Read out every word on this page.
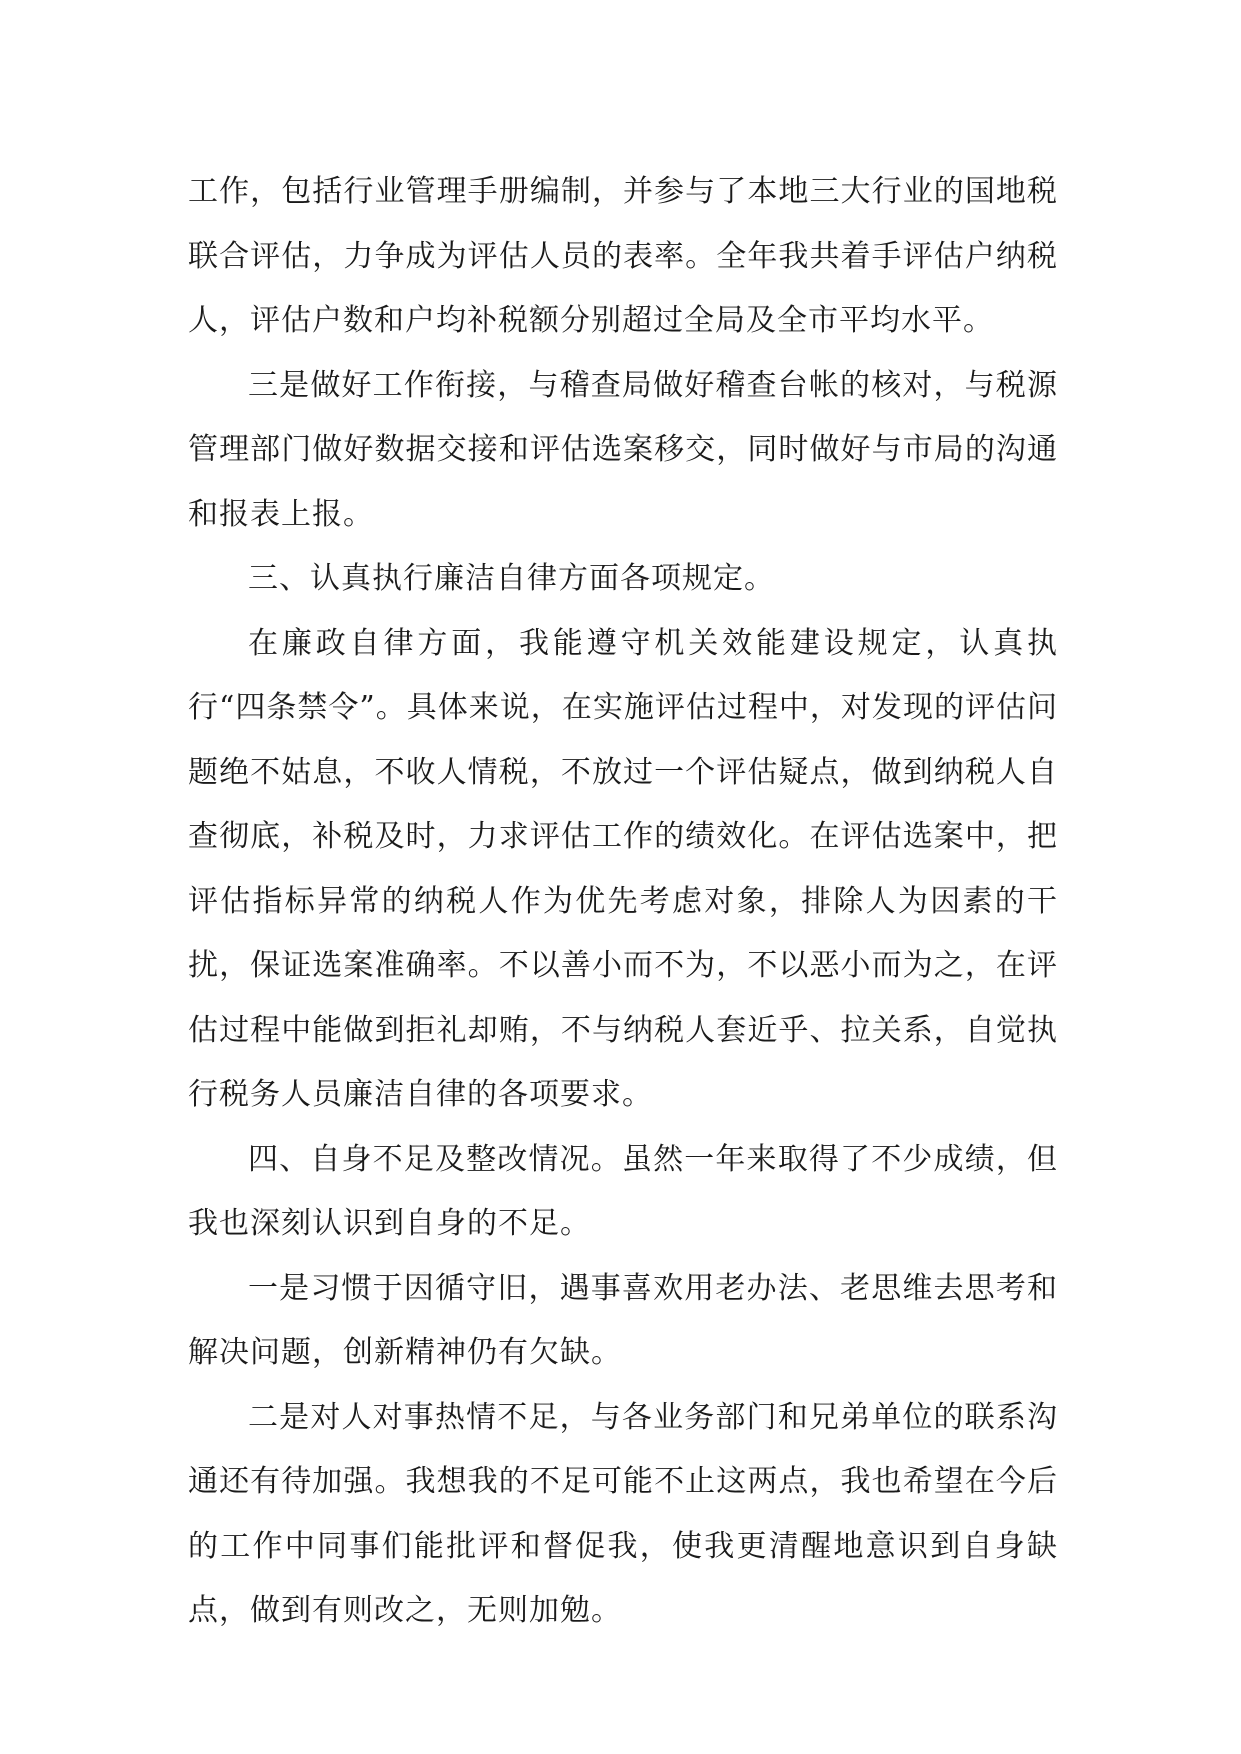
工作，包括行业管理手册编制，并参与了本地三大行业的国地税联合评估，力争成为评估人员的表率。全年我共着手评估户纳税人，评估户数和户均补税额分别超过全局及全市平均水平。

三是做好工作衔接，与稽查局做好稽查台帐的核对，与税源管理部门做好数据交接和评估选案移交，同时做好与市局的沟通和报表上报。

三、认真执行廉洁自律方面各项规定。

在廉政自律方面，我能遵守机关效能建设规定，认真执行“四条禁令”。具体来说，在实施评估过程中，对发现的评估问题绝不姑息，不收人情税，不放过一个评估疑点，做到纳税人自查彻底，补税及时，力求评估工作的绩效化。在评估选案中，把评估指标异常的纳税人作为优先考虑对象，排除人为因素的干扰，保证选案准确率。不以善小而不为，不以恶小而为之，在评估过程中能做到拒礼却贿，不与纳税人套近乎、拉关系，自觉执行税务人员廉洁自律的各项要求。

四、自身不足及整改情况。虽然一年来取得了不少成绩，但我也深刻认识到自身的不足。

一是习惯于因循守旧，遇事喜欢用老办法、老思维去思考和解决问题，创新精神仍有欠缺。

二是对人对事热情不足，与各业务部门和兄弟单位的联系沟通还有待加强。我想我的不足可能不止这两点，我也希望在今后的工作中同事们能批评和督促我，使我更清醒地意识到自身缺点，做到有则改之，无则加勉。
